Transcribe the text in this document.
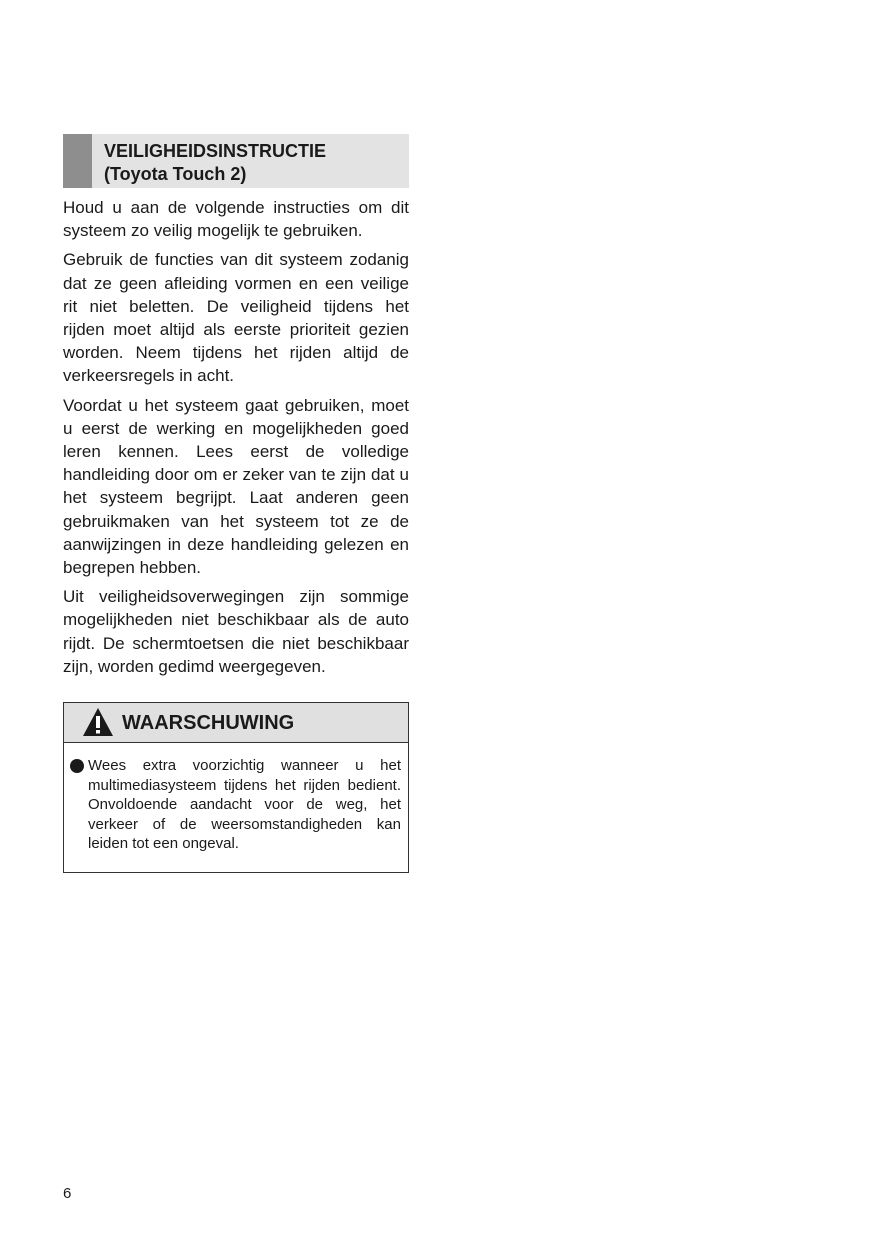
VEILIGHEIDSINSTRUCTIE
(Toyota Touch 2)

Houd u aan de volgende instructies om dit systeem zo veilig mogelijk te gebruiken.

Gebruik de functies van dit systeem zodanig dat ze geen afleiding vormen en een veilige rit niet beletten. De veiligheid tijdens het rijden moet altijd als eerste prioriteit gezien worden. Neem tijdens het rijden altijd de verkeersregels in acht.

Voordat u het systeem gaat gebruiken, moet u eerst de werking en mogelijkheden goed leren kennen. Lees eerst de volledige handleiding door om er zeker van te zijn dat u het systeem begrijpt. Laat anderen geen gebruikmaken van het systeem tot ze de aanwijzingen in deze handleiding gelezen en begrepen hebben.

Uit veiligheidsoverwegingen zijn sommige mogelijkheden niet beschikbaar als de auto rijdt. De schermtoetsen die niet beschikbaar zijn, worden gedimd weergegeven.

WAARSCHUWING
Wees extra voorzichtig wanneer u het multimediasysteem tijdens het rijden bedient. Onvoldoende aandacht voor de weg, het verkeer of de weersomstandigheden kan leiden tot een ongeval.
6
